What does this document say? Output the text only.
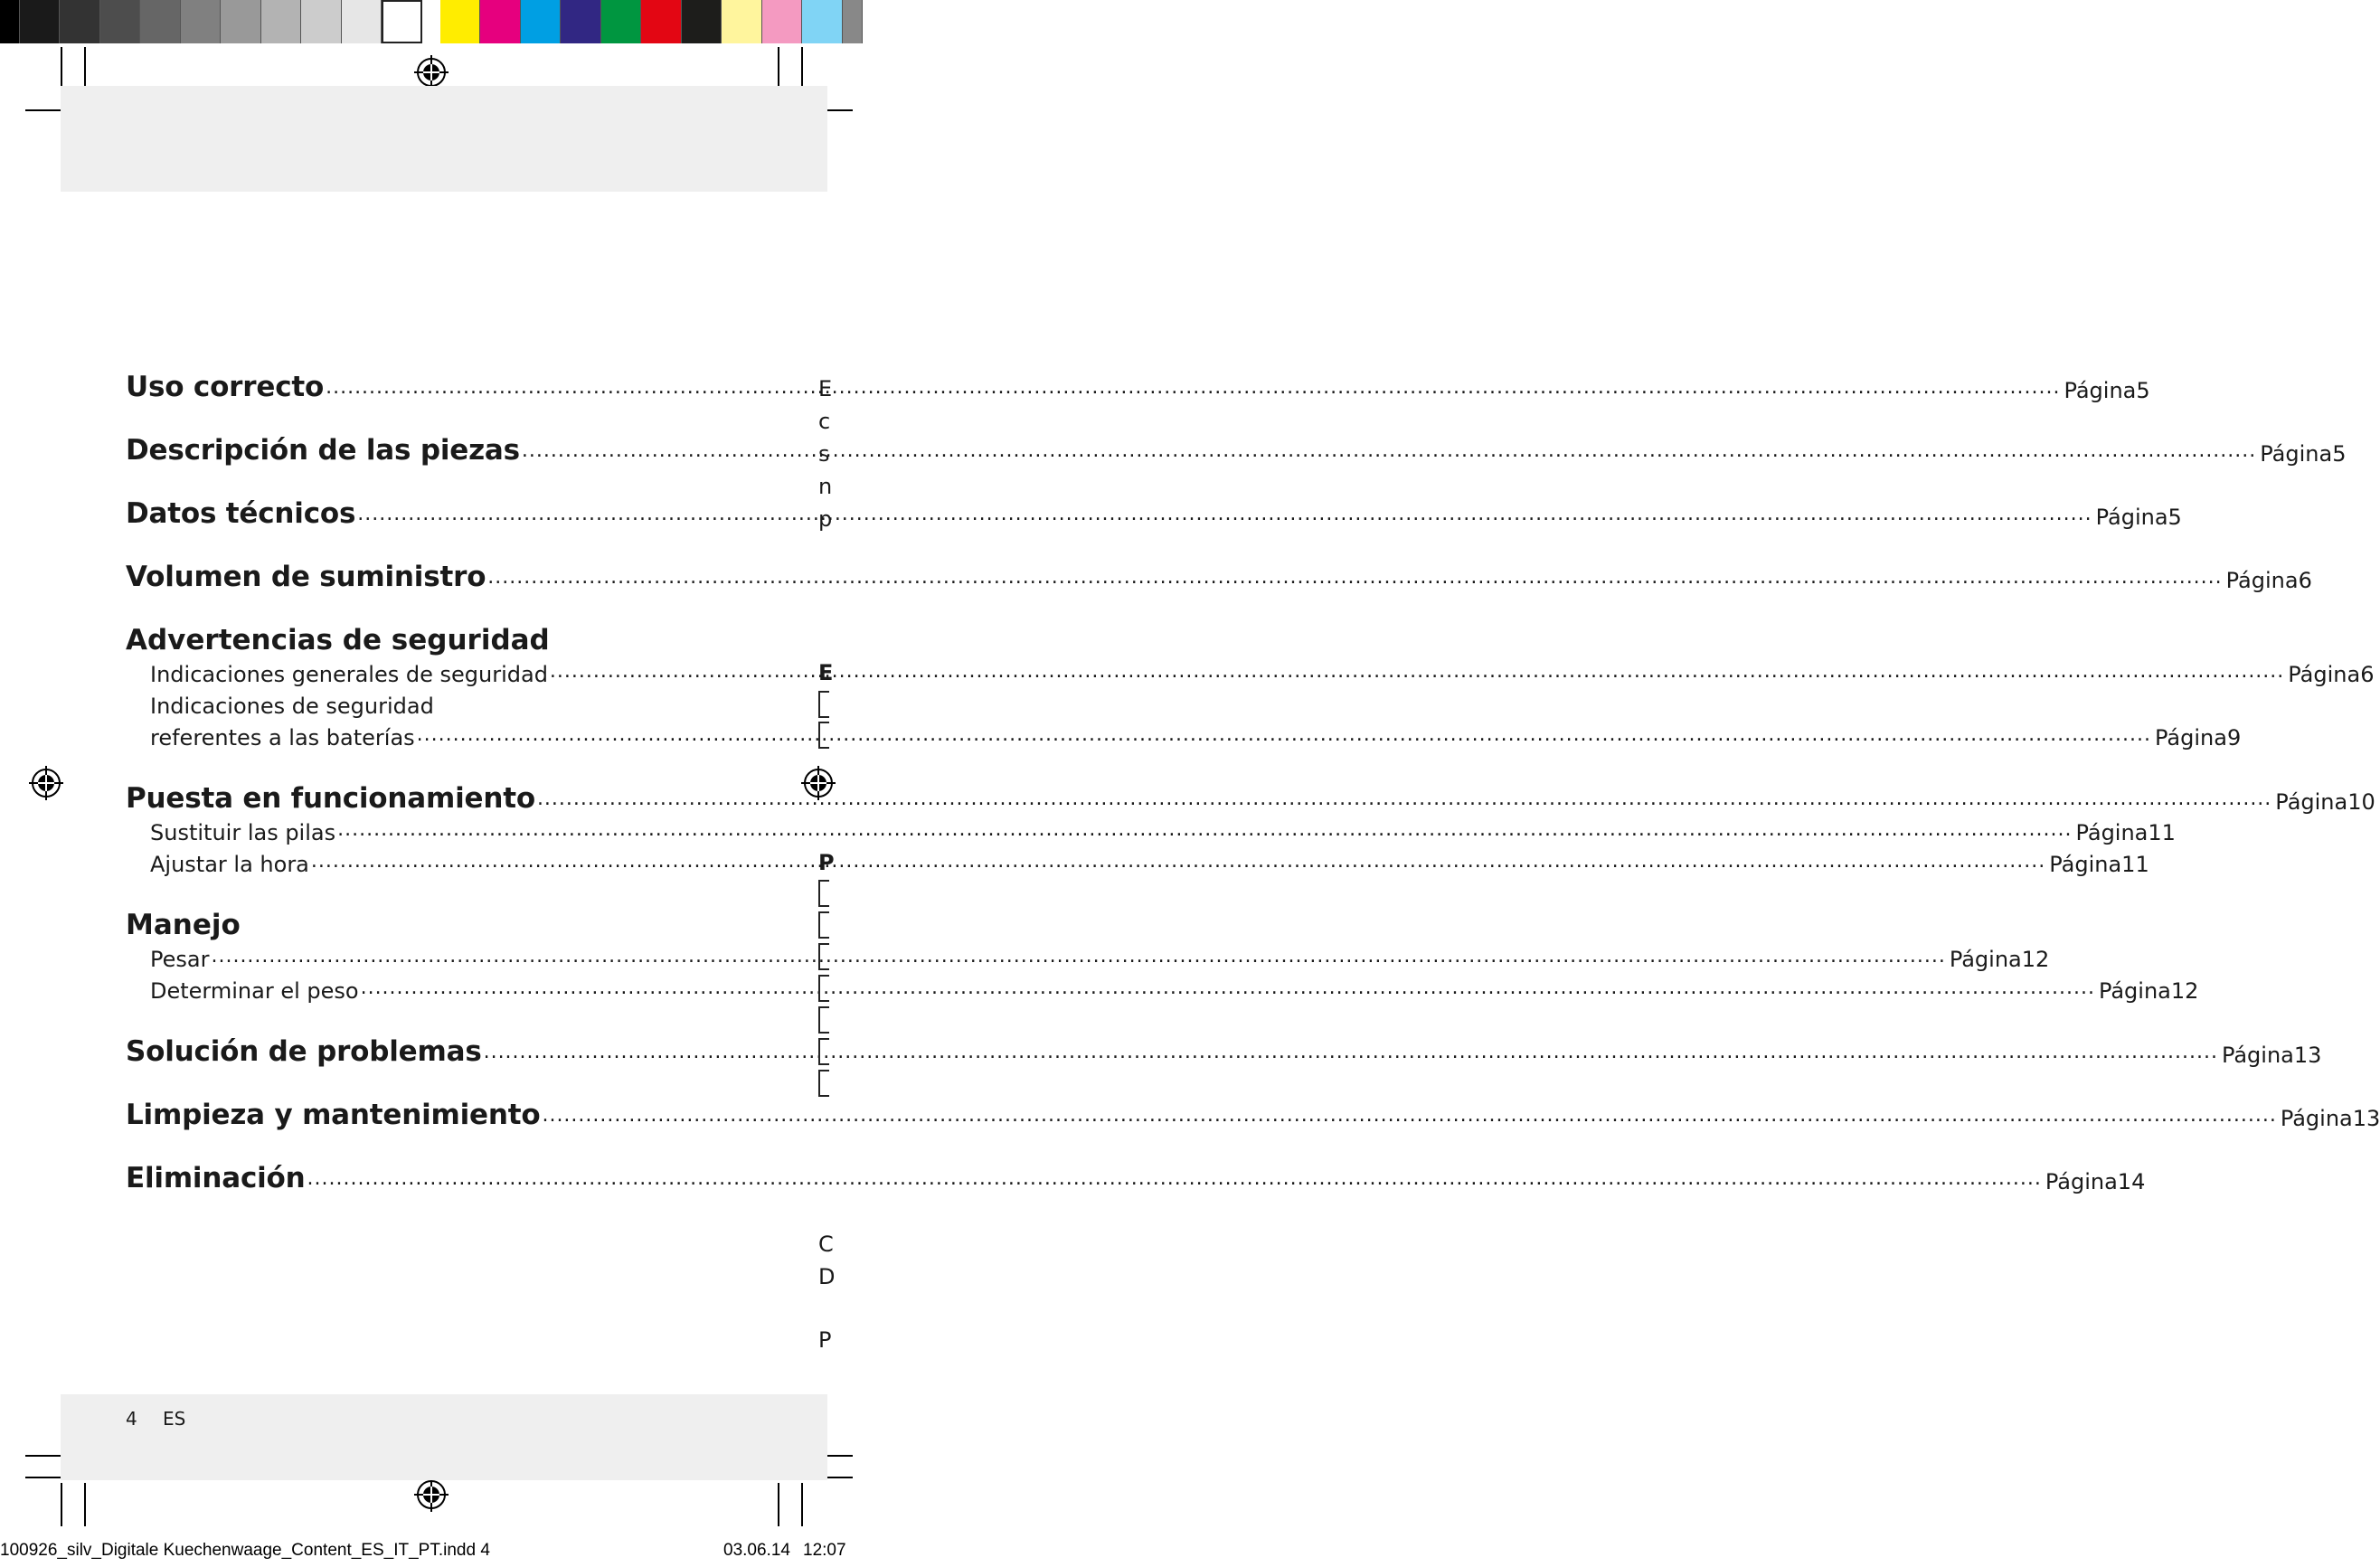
Uso correcto .....	Página 5
Descripción de las piezas .....	Página 5
Datos técnicos .....	Página 5
Volumen de suministro .....	Página 6
Advertencias de seguridad
Indicaciones generales de seguridad .....	Página 6
Indicaciones de seguridad
referentes a las baterías .....	Página 9
Puesta en funcionamiento .....	Página 10
Sustituir las pilas .....	Página 11
Ajustar la hora .....	Página 11
Manejo
Pesar .....	Página 12
Determinar el peso .....	Página 12
Solución de problemas .....	Página 13
Limpieza y mantenimiento .....	Página 13
Eliminación .....	Página 14
E
c
s
n
p
E
P
C
D
P
4 ES
100926_silv_Digitale Kuechenwaage_Content_ES_IT_PT.indd 4	03.06.14 12:07
